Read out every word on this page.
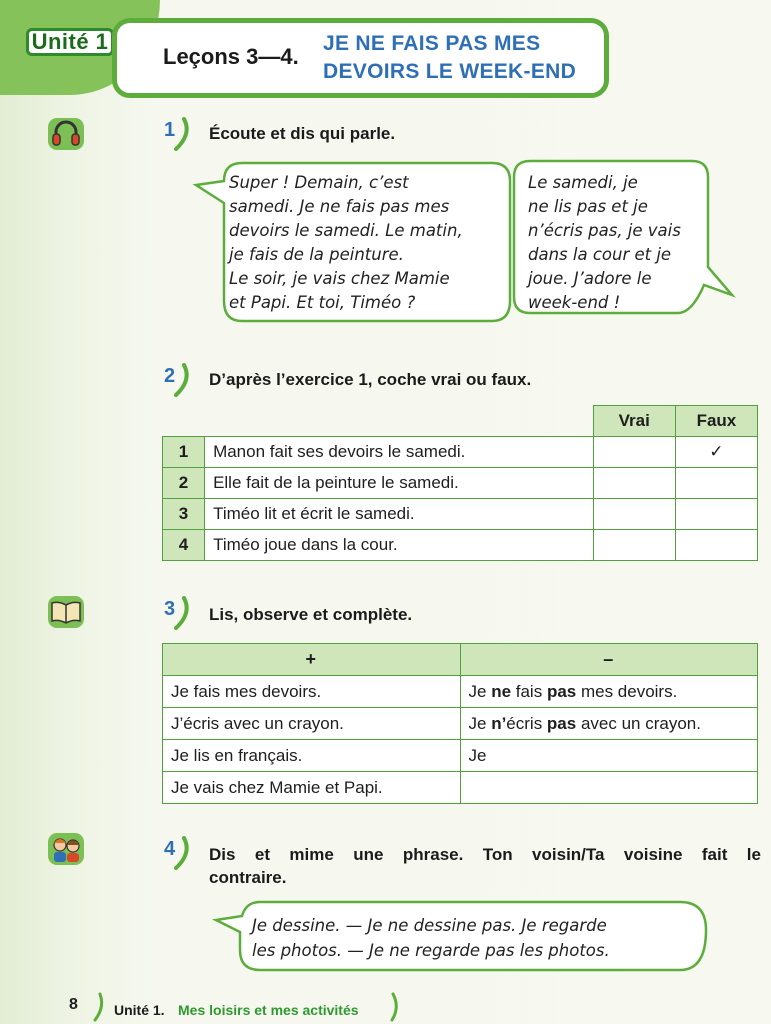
Unité 1
Leçons 3—4.
JE NE FAIS PAS MES
DEVOIRS LE WEEK-END
1 Écoute et dis qui parle.
Super ! Demain, c’est
samedi. Je ne fais pas mes
devoirs le samedi. Le matin,
je fais de la peinture.
Le soir, je vais chez Mamie
et Papi. Et toi, Timéo ?
Le samedi, je
ne lis pas et je
n’écris pas, je vais
dans la cour et je
joue. J’adore le
week-end !
2 D’après l’exercice 1, coche vrai ou faux.
		Vrai	Faux
1	Manon fait ses devoirs le samedi.		✓
2	Elle fait de la peinture le samedi.		
3	Timéo lit et écrit le samedi.		
4	Timéo joue dans la cour.		
3 Lis, observe et complète.
+	–
Je fais mes devoirs.	Je ne fais pas mes devoirs.
J’écris avec un crayon.	Je n’écris pas avec un crayon.
Je lis en français.	Je
Je vais chez Mamie et Papi.	
4 Dis et mime une phrase. Ton voisin/Ta voisine fait le
contraire.
Je dessine. — Je ne dessine pas. Je regarde
les photos. — Je ne regarde pas les photos.
8	Unité 1. Mes loisirs et mes activités
